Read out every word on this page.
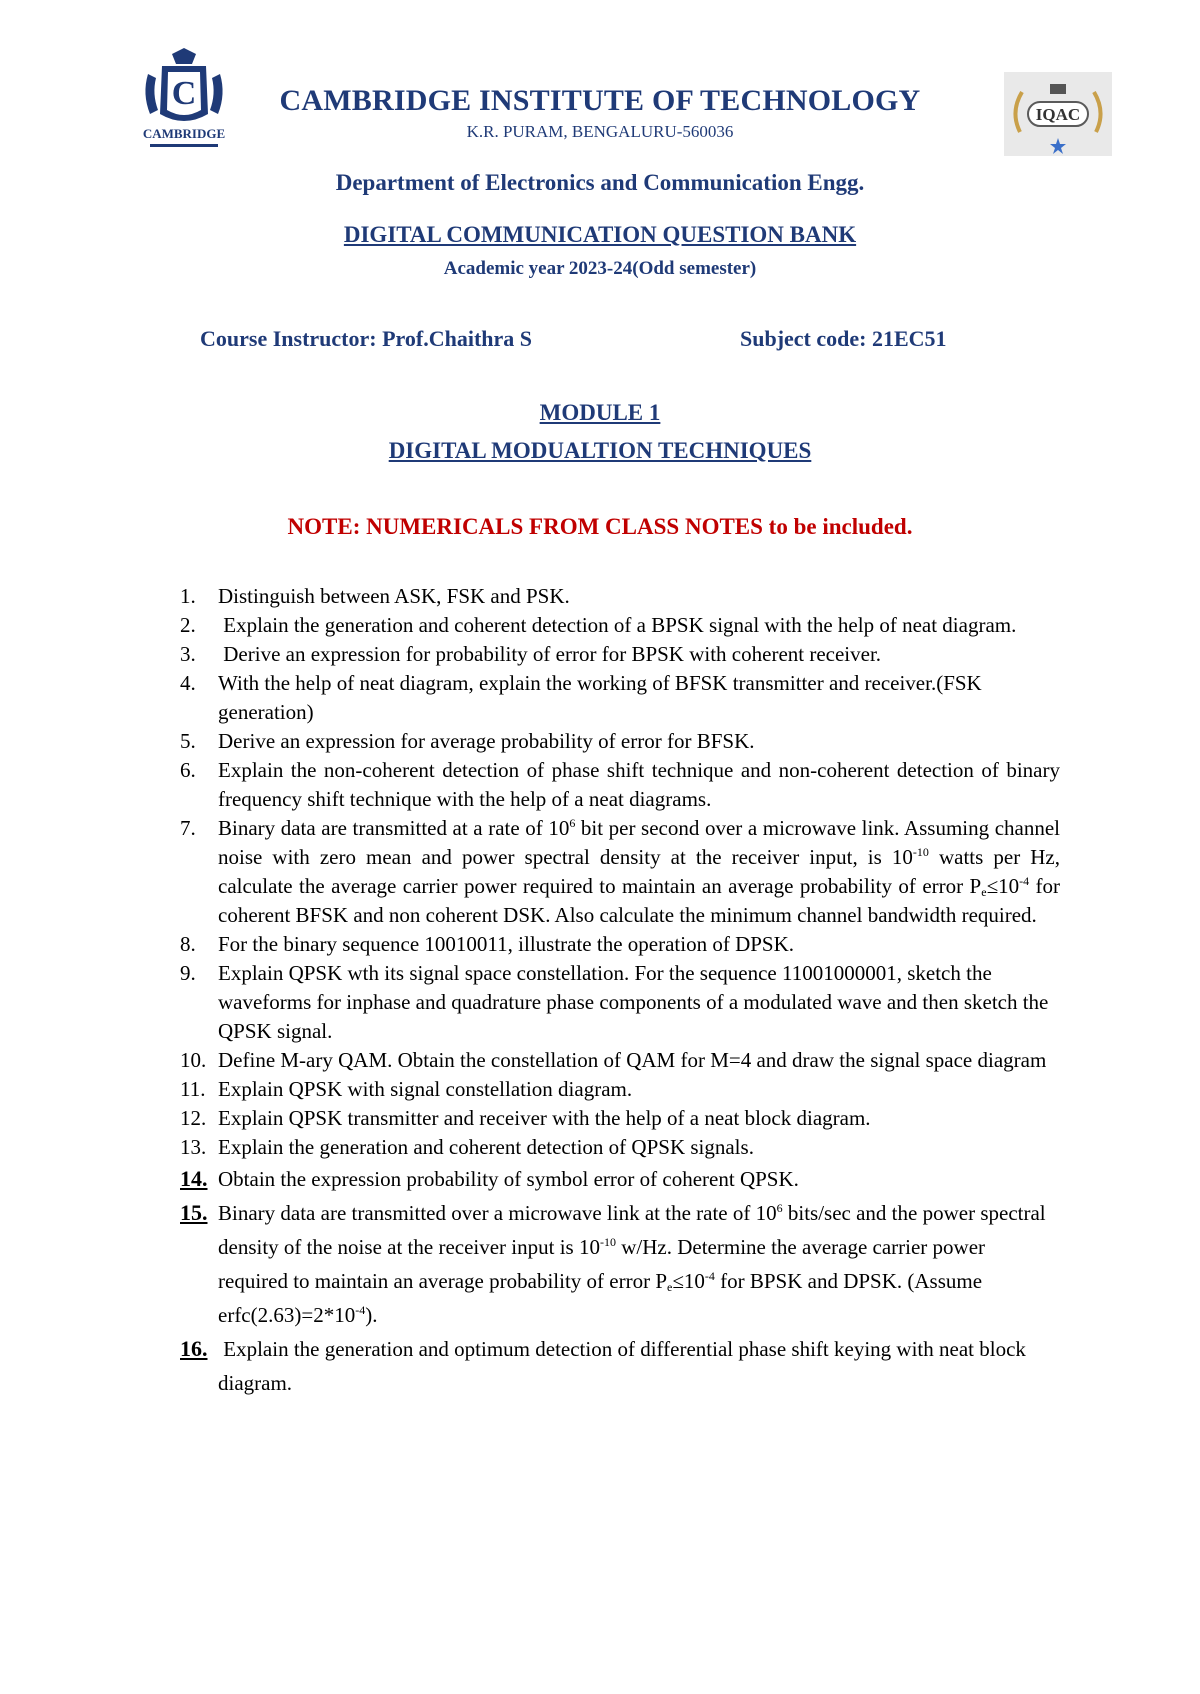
C
CAMBRIDGE
IQAC
CAMBRIDGE INSTITUTE OF TECHNOLOGY
K.R. PURAM, BENGALURU-560036
Department of Electronics and Communication Engg.
DIGITAL COMMUNICATION QUESTION BANK
Academic year 2023-24(Odd semester)
Course Instructor: Prof.Chaithra S	Subject code: 21EC51
MODULE 1
DIGITAL MODUALTION TECHNIQUES
NOTE: NUMERICALS FROM CLASS NOTES to be included.
1.	Distinguish between ASK, FSK and PSK.
2.	Explain the generation and coherent detection of a BPSK signal with the help of neat diagram.
3.	Derive an expression for probability of error for BPSK with coherent receiver.
4.	With the help of neat diagram, explain the working of BFSK transmitter and receiver.(FSK generation)
5.	Derive an expression for average probability of error for BFSK.
6.	Explain the non-coherent detection of phase shift technique and non-coherent detection of binary frequency shift technique with the help of a neat diagrams.
7.	Binary data are transmitted at a rate of $10^6$ bit per second over a microwave link. Assuming channel noise with zero mean and power spectral density at the receiver input, is $10^{-10}$ watts per Hz, calculate the average carrier power required to maintain an average probability of error $P_e\le 10^{-4}$ for coherent BFSK and non coherent DSK. Also calculate the minimum channel bandwidth required.
8.	For the binary sequence 10010011, illustrate the operation of DPSK.
9.	Explain QPSK wth its signal space constellation. For the sequence 11001000001, sketch the waveforms for inphase and quadrature phase components of a modulated wave and then sketch the QPSK signal.
10. Define M-ary QAM. Obtain the constellation of QAM for M=4 and draw the signal space diagram
11. Explain QPSK with signal constellation diagram.
12. Explain QPSK transmitter and receiver with the help of a neat block diagram.
13. Explain the generation and coherent detection of QPSK signals.
14. Obtain the expression probability of symbol error of coherent QPSK.
15. Binary data are transmitted over a microwave link at the rate of $10^6$ bits/sec and the power spectral density of the noise at the receiver input is $10^{-10}$ w/Hz. Determine the average carrier power required to maintain an average probability of error $P_e\le 10^{-4}$ for BPSK and DPSK. (Assume $erfc(2.63)=2*10^{-4}$).
16. Explain the generation and optimum detection of differential phase shift keying with neat block diagram.
